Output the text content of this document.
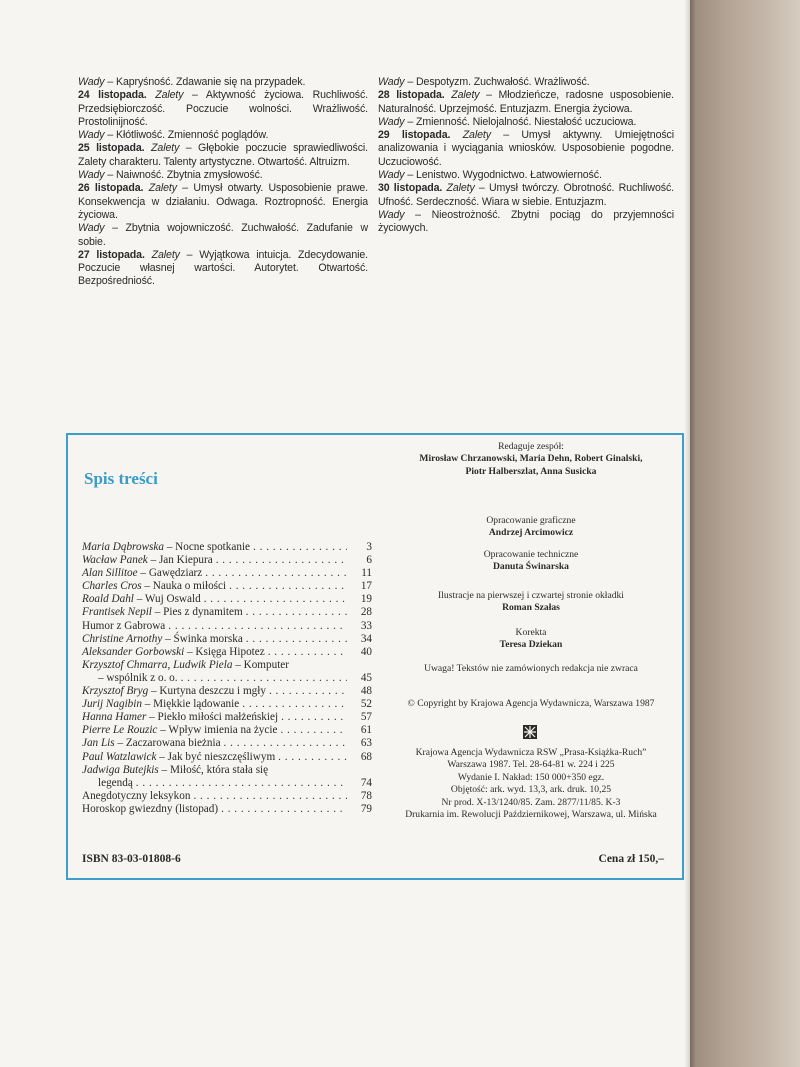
Wady – Kapryśność. Zdawanie się na przypadek.

24 listopada. Zalety – Aktywność życiowa. Ruchliwość. Przedsiębiorczość. Poczucie wolności. Wrażliwość. Prostolinijność.

Wady – Kłótliwość. Zmienność poglądów.

25 listopada. Zalety – Głębokie poczucie sprawiedliwości. Zalety charakteru. Talenty artystyczne. Otwartość. Altruizm.

Wady – Naiwność. Zbytnia zmysłowość.

26 listopada. Zalety – Umysł otwarty. Usposobienie prawe. Konsekwencja w działaniu. Odwaga. Roztropność. Energia życiowa.

Wady – Zbytnia wojowniczość. Zuchwałość. Zadufanie w sobie.

27 listopada. Zalety – Wyjątkowa intuicja. Zdecydowanie. Poczucie własnej wartości. Autorytet. Otwartość. Bezpośredniość.

Wady – Despotyzm. Zuchwałość. Wrażliwość.

28 listopada. Zalety – Młodzieńcze, radosne usposobienie. Naturalność. Uprzejmość. Entuzjazm. Energia życiowa.

Wady – Zmienność. Nielojalność. Niestałość uczuciowa.

29 listopada. Zalety – Umysł aktywny. Umiejętności analizowania i wyciągania wniosków. Usposobienie pogodne. Uczuciowość.

Wady – Lenistwo. Wygodnictwo. Łatwowierność.

30 listopada. Zalety – Umysł twórczy. Obrotność. Ruchliwość. Ufność. Serdeczność. Wiara w siebie. Entuzjazm.

Wady – Nieostrożność. Zbytni pociąg do przyjemności życiowych.

Spis treści
Maria Dąbrowska – Nocne spotkanie . . .	3
Wacław Panek – Jan Kiepura . . .	6
Alan Sillitoe – Gawędziarz . . .	11
Charles Cros – Nauka o miłości . . .	17
Roald Dahl – Wuj Oswald . . .	19
Frantisek Nepil – Pies z dynamitem . . .	28
Humor z Gabrowa . . .	33
Christine Arnothy – Świnka morska . . .	34
Aleksander Gorbowski – Księga Hipotez . . .	40
Krzysztof Chmarra, Ludwik Piela – Komputer
– wspólnik z o. o. . . .	45
Krzysztof Bryg – Kurtyna deszczu i mgły . . .	48
Jurij Nagibin – Miękkie lądowanie . . .	52
Hanna Hamer – Piekło miłości małżeńskiej . . .	57
Pierre Le Rouzic – Wpływ imienia na życie . . .	61
Jan Lis – Zaczarowana bieżnia . . .	63
Paul Watzlawick – Jak być nieszczęśliwym . . .	68
Jadwiga Butejkis – Miłość, która stała się
legendą . . .	74
Anegdotyczny leksykon . . .	78
Horoskop gwiezdny (listopad) . . .	79
Redaguje zespół:
Mirosław Chrzanowski, Maria Dehn, Robert Ginalski,
Piotr Halberszlat, Anna Susicka
Opracowanie graficzne
Andrzej Arcimowicz
Opracowanie techniczne
Danuta Świnarska
Ilustracje na pierwszej i czwartej stronie okładki
Roman Szałas
Korekta
Teresa Dziekan
Uwaga! Tekstów nie zamówionych redakcja nie zwraca
© Copyright by Krajowa Agencja Wydawnicza, Warszawa 1987
Krajowa Agencja Wydawnicza RSW „Prasa-Książka-Ruch”
Warszawa 1987. Tel. 28-64-81 w. 224 i 225
Wydanie I. Nakład: 150 000+350 egz.
Objętość: ark. wyd. 13,3, ark. druk. 10,25
Nr prod. X-13/1240/85. Zam. 2877/11/85. K-3
Drukarnia im. Rewolucji Październikowej, Warszawa, ul. Mińska
ISBN 83-03-01808-6	Cena zł 150,–
